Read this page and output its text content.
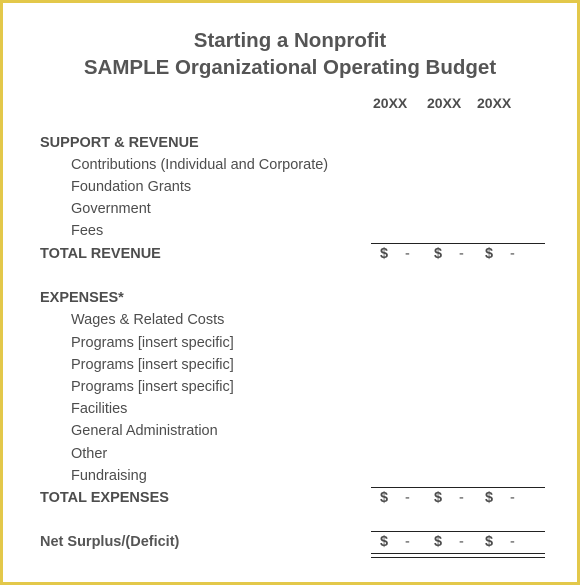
Starting a Nonprofit
SAMPLE Organizational Operating Budget
20XX 20XX 20XX
SUPPORT & REVENUE
Contributions (Individual and Corporate)
Foundation Grants
Government
Fees
TOTAL REVENUE	$ - $ - $ -
EXPENSES*
Wages & Related Costs
Programs [insert specific]
Programs [insert specific]
Programs [insert specific]
Facilities
General Administration
Other
Fundraising
TOTAL EXPENSES	$ - $ - $ -
Net Surplus/(Deficit)	$ - $ - $ -
